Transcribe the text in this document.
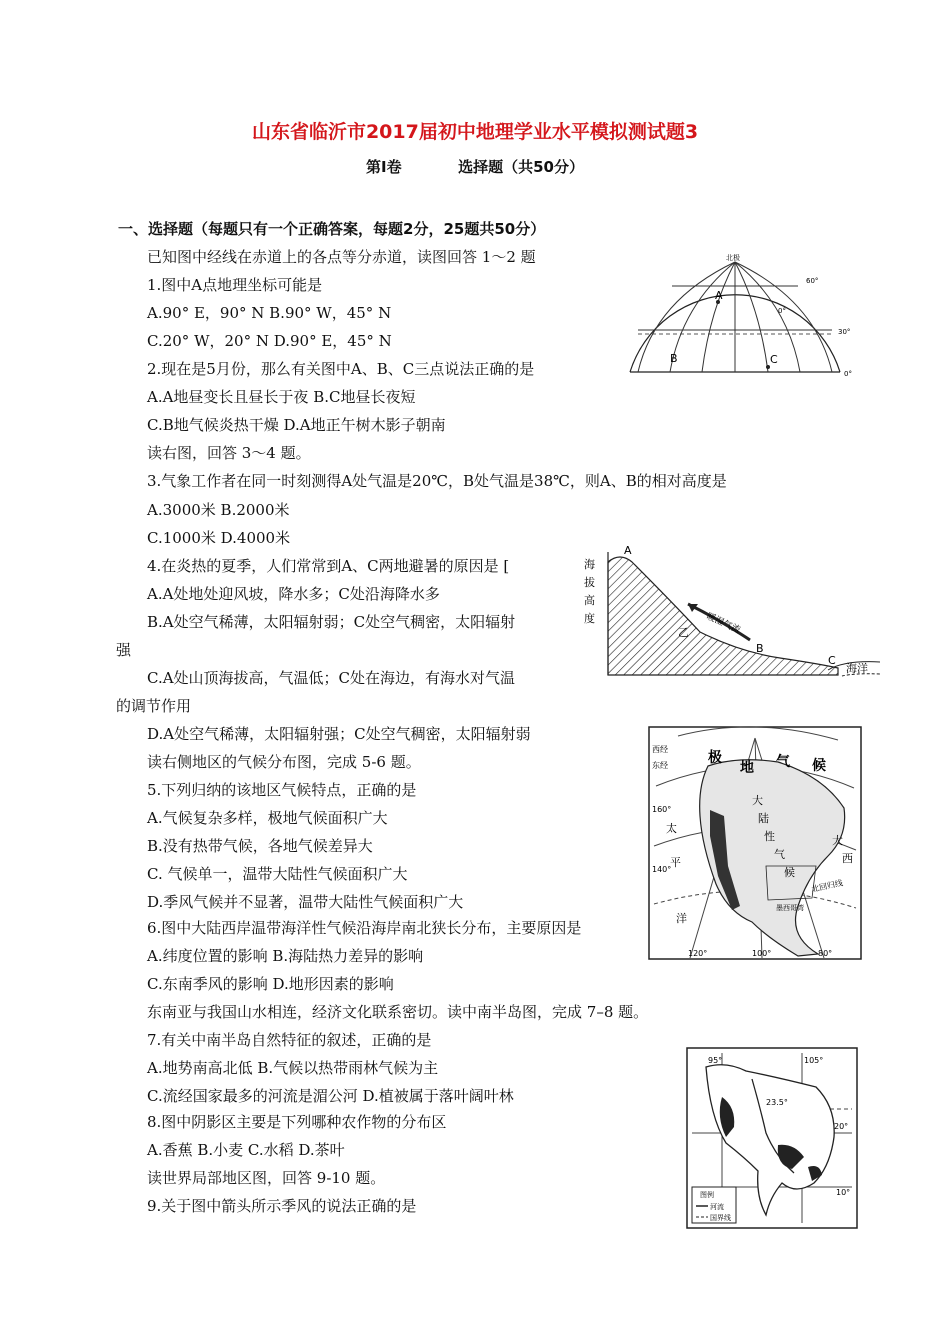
山东省临沂市2017届初中地理学业水平模拟测试题3
第Ⅰ卷	选择题（共50分）
一、选择题（每题只有一个正确答案，每题2分，25题共50分）
已知图中经线在赤道上的各点等分赤道，读图回答 1～2 题
1.图中A点地理坐标可能是
A.90° E，90° N B.90° W，45° N
C.20° W，20° N D.90° E，45° N
2.现在是5月份，那么有关图中A、B、C三点说法正确的是
A.A地昼变长且昼长于夜 B.C地昼长夜短
C.B地气候炎热干燥 D.A地正午树木影子朝南
读右图，回答 3～4 题。
3.气象工作者在同一时刻测得A处气温是20℃，B处气温是38℃，则A、B的相对高度是
A.3000米 B.2000米
C.1000米 D.4000米
4.在炎热的夏季，人们常常到A、C两地避暑的原因是 [
A.A处地处迎风坡，降水多；C处沿海降水多
B.A处空气稀薄，太阳辐射弱；C处空气稠密，太阳辐射
强
C.A处山顶海拔高，气温低；C处在海边，有海水对气温
的调节作用
D.A处空气稀薄，太阳辐射强；C处空气稠密，太阳辐射弱
读右侧地区的气候分布图，完成 5-6 题。
5.下列归纳的该地区气候特点，正确的是
A.气候复杂多样，极地气候面积广大
B.没有热带气候，各地气候差异大
C. 气候单一，温带大陆性气候面积广大
D.季风气候并不显著，温带大陆性气候面积广大
6.图中大陆西岸温带海洋性气候沿海岸南北狭长分布，主要原因是
A.纬度位置的影响 B.海陆热力差异的影响
C.东南季风的影响 D.地形因素的影响
东南亚与我国山水相连，经济文化联系密切。读中南半岛图，完成 7–8 题。
7.有关中南半岛自然特征的叙述，正确的是
A.地势南高北低 B.气候以热带雨林气候为主
C.流经国家最多的河流是湄公河 D.植被属于落叶阔叶林
8.图中阴影区主要是下列哪种农作物的分布区
A.香蕉 B.小麦 C.水稻 D.茶叶
读世界局部地区图，回答 9-10 题。
9.关于图中箭头所示季风的说法正确的是
北极
60°
30°
0°
0°
A
B	C
海
拔
高
度
A
B
C
乙 暖湿气流
海洋
极
地 气 候
西经
东经
160°
140°
120°	100°	80°
太
平
洋
大
陆
性
气
候
大
西
北回归线
墨西哥湾
95°	105°
20°
10°
23.5°
图例
河流
国界线
